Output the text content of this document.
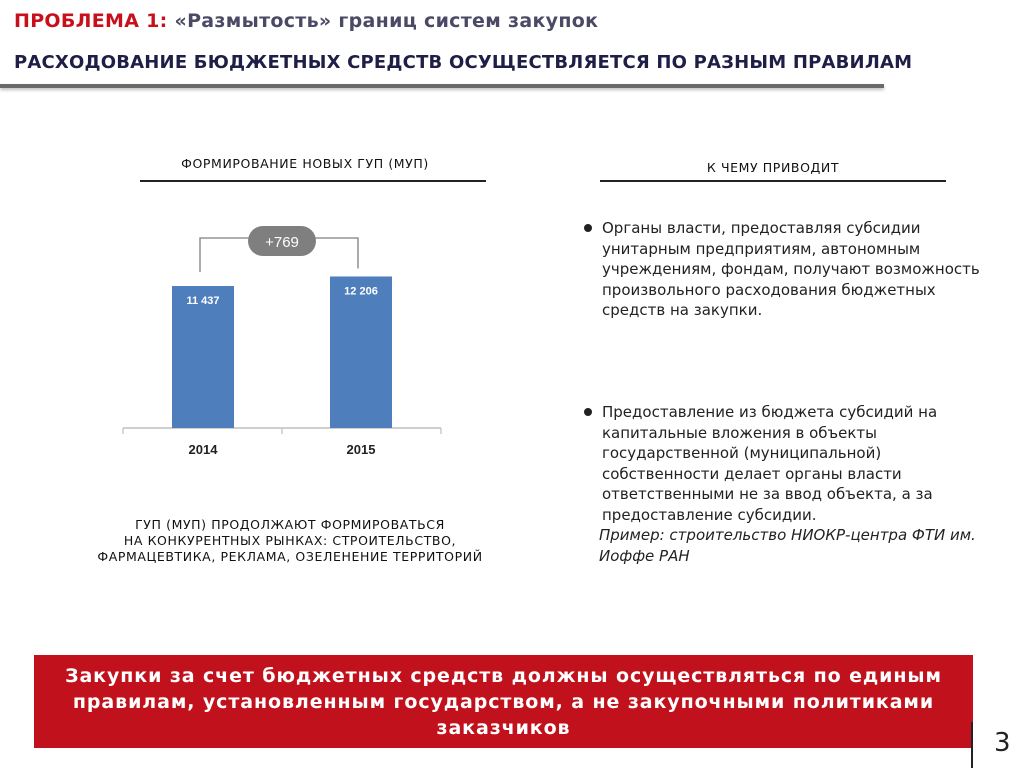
ПРОБЛЕМА 1: «Размытость» границ систем закупок
РАСХОДОВАНИЕ БЮДЖЕТНЫХ СРЕДСТВ ОСУЩЕСТВЛЯЕТСЯ ПО РАЗНЫМ ПРАВИЛАМ
ФОРМИРОВАНИЕ НОВЫХ ГУП (МУП)
11 437
2014
12 206
2015
+769
ГУП (МУП) ПРОДОЛЖАЮТ ФОРМИРОВАТЬСЯ
НА КОНКУРЕНТНЫХ РЫНКАХ: СТРОИТЕЛЬСТВО,
ФАРМАЦЕВТИКА, РЕКЛАМА, ОЗЕЛЕНЕНИЕ ТЕРРИТОРИЙ
К ЧЕМУ ПРИВОДИТ
Органы власти, предоставляя субсидии унитарным предприятиям, автономным учреждениям, фондам, получают возможность произвольного расходования бюджетных средств на закупки.
Предоставление из бюджета субсидий на капитальные вложения в объекты государственной (муниципальной) собственности делает органы власти ответственными не за ввод объекта, а за предоставление субсидии.
Пример: строительство НИОКР-центра ФТИ им. Иоффе РАН
Закупки за счет бюджетных средств должны осуществляться по единым правилам, установленным государством, а не закупочными политиками заказчиков
3
